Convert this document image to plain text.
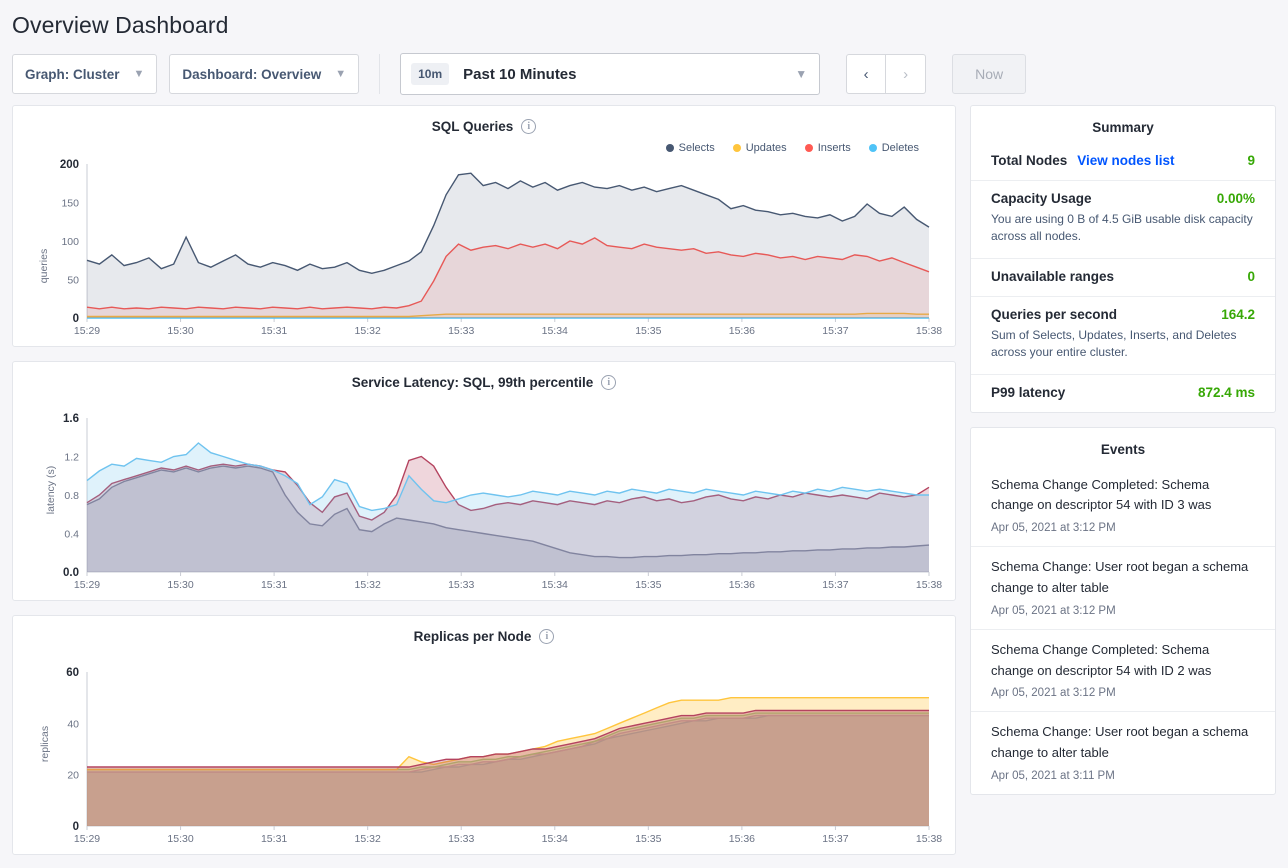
Overview Dashboard
Graph: Cluster ▼	Dashboard: Overview ▼	10m	Past 10 Minutes	▼	‹	›	Now
SQL Queries	i
Selects	Updates	Inserts	Deletes
queries
200
150
100
50
0
15:29	15:30	15:31	15:32	15:33	15:34	15:35	15:36	15:37	15:38
Service Latency: SQL, 99th percentile	i
latency (s)
1.6
1.2
0.8
0.4
0.0
15:29	15:30	15:31	15:32	15:33	15:34	15:35	15:36	15:37	15:38
Replicas per Node	i
replicas
60
40
20
0
15:29	15:30	15:31	15:32	15:33	15:34	15:35	15:36	15:37	15:38
Summary
Total Nodes View nodes list	9
Capacity Usage	0.00%
You are using 0 B of 4.5 GiB usable disk capacity across all nodes.
Unavailable ranges	0
Queries per second	164.2
Sum of Selects, Updates, Inserts, and Deletes across your entire cluster.
P99 latency	872.4 ms
Events
Schema Change Completed: Schema change on descriptor 54 with ID 3 was
Apr 05, 2021 at 3:12 PM
Schema Change: User root began a schema change to alter table
Apr 05, 2021 at 3:12 PM
Schema Change Completed: Schema change on descriptor 54 with ID 2 was
Apr 05, 2021 at 3:12 PM
Schema Change: User root began a schema change to alter table
Apr 05, 2021 at 3:11 PM
